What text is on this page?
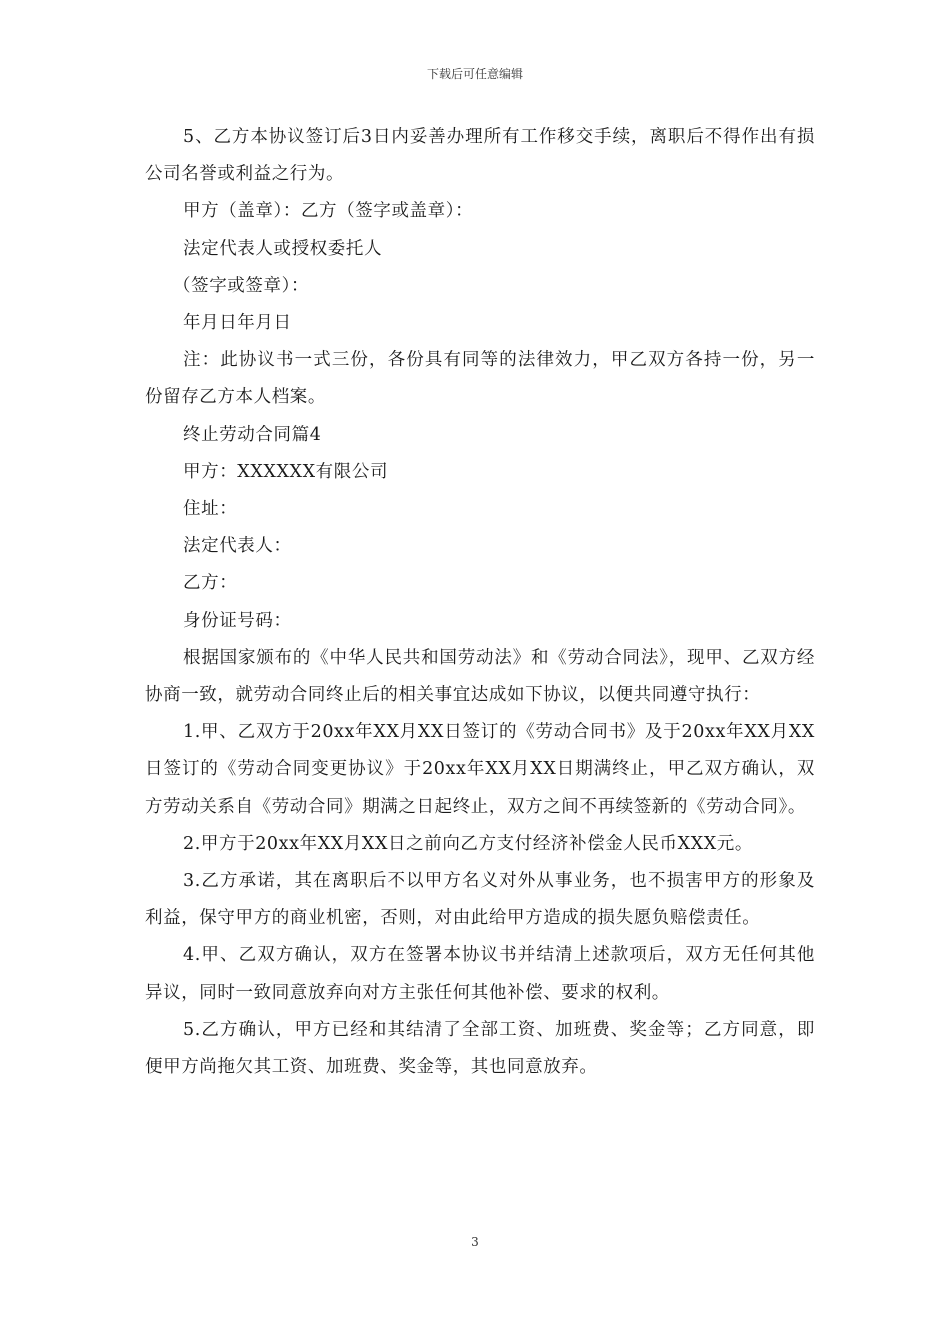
下载后可任意编辑

5、乙方本协议签订后3日内妥善办理所有工作移交手续，离职后不得作出有损公司名誉或利益之行为。

甲方（盖章）：乙方（签字或盖章）：

法定代表人或授权委托人

（签字或签章）：

年月日年月日

注：此协议书一式三份，各份具有同等的法律效力，甲乙双方各持一份，另一份留存乙方本人档案。

终止劳动合同篇4

甲方：XXXXXX有限公司

住址：

法定代表人：

乙方：

身份证号码：

根据国家颁布的《中华人民共和国劳动法》和《劳动合同法》，现甲、乙双方经协商一致，就劳动合同终止后的相关事宜达成如下协议，以便共同遵守执行：

1.甲、乙双方于20xx年XX月XX日签订的《劳动合同书》及于20xx年XX月XX日签订的《劳动合同变更协议》于20xx年XX月XX日期满终止，甲乙双方确认，双方劳动关系自《劳动合同》期满之日起终止，双方之间不再续签新的《劳动合同》。

2.甲方于20xx年XX月XX日之前向乙方支付经济补偿金人民币XXX元。

3.乙方承诺，其在离职后不以甲方名义对外从事业务，也不损害甲方的形象及利益，保守甲方的商业机密，否则，对由此给甲方造成的损失愿负赔偿责任。

4.甲、乙双方确认，双方在签署本协议书并结清上述款项后，双方无任何其他异议，同时一致同意放弃向对方主张任何其他补偿、要求的权利。

5.乙方确认，甲方已经和其结清了全部工资、加班费、奖金等；乙方同意，即便甲方尚拖欠其工资、加班费、奖金等，其也同意放弃。

3
